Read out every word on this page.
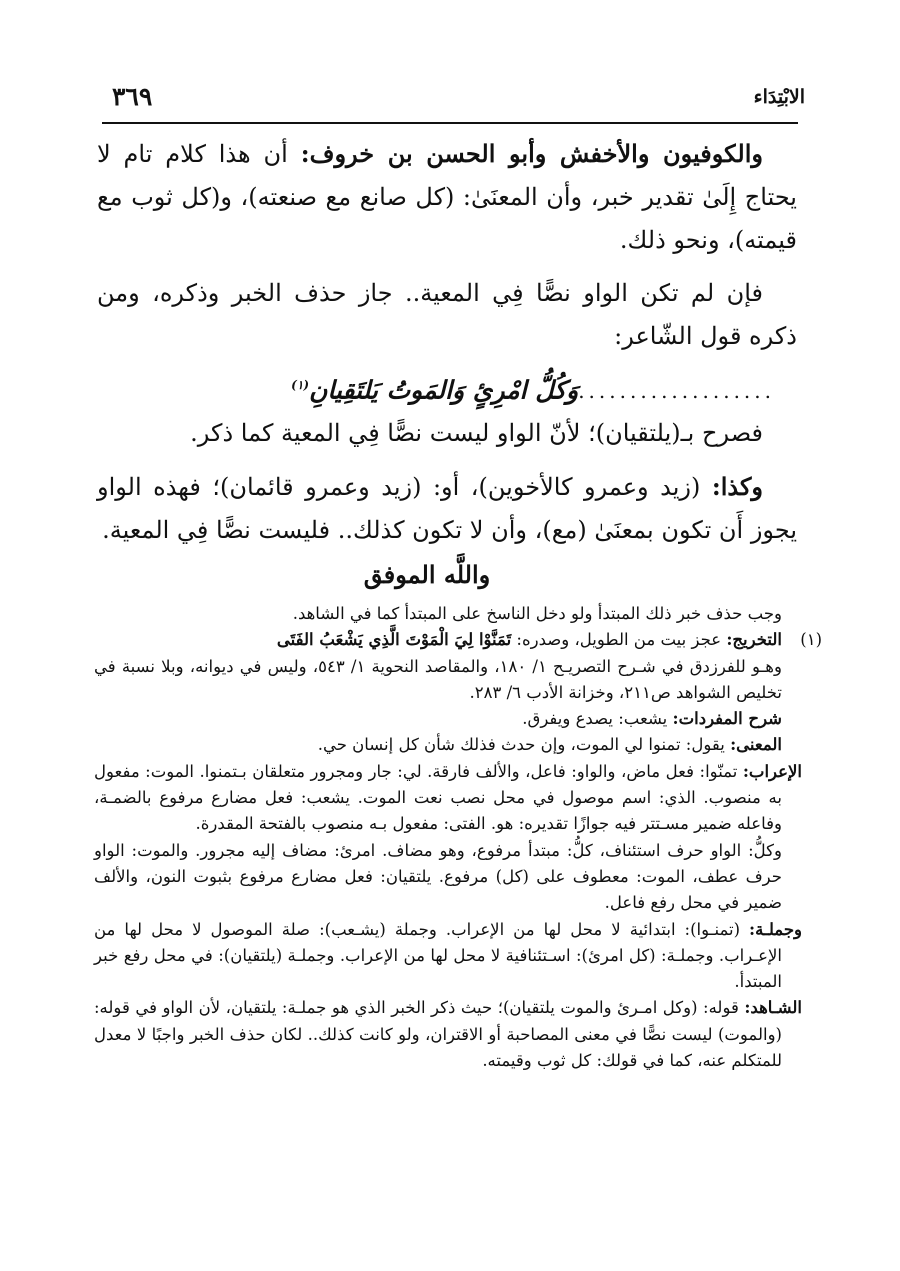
الابْتِدَاء
٣٦٩

والكوفيون والأخفش وأبو الحسن بن خروف: أن هذا كلام تام لا يحتاج إِلَىٰ تقدير خبر، وأن المعنَىٰ: (كل صانع مع صنعته)، و(كل ثوب مع قيمته)، ونحو ذلك.

فإن لم تكن الواو نصًّا فِي المعية.. جاز حذف الخبر وذكره، ومن ذكره قول الشّاعر:

وَكُلُّ امْرِئٍ وَالمَوتُ يَلتَقِيانِ$^{(١)}$	...................

فصرح بـ(يلتقيان)؛ لأنّ الواو ليست نصًّا فِي المعية كما ذكر.

وكذا: (زيد وعمرو كالأخوين)، أو: (زيد وعمرو قائمان)؛ فهذه الواو يجوز أَن تكون بمعنَىٰ (مع)، وأن لا تكون كذلك.. فليست نصًّا فِي المعية.

واللَّه الموفق

وجب حذف خبر ذلك المبتدأ ولو دخل الناسخ على المبتدأ كما في الشاهد.

(١)التخريج: عجز بيت من الطويل، وصدره: تَمَنَّوْا لِيَ الْمَوْتَ الَّذِي يَشْعَبُ الفَتَى

وهـو للفرزدق في شـرح التصريـح ١/ ١٨٠، والمقاصد النحوية ١/ ٥٤٣، وليس في ديوانه، وبلا نسبة في تخليص الشواهد ص٢١١، وخزانة الأدب ٦/ ٢٨٣.

شرح المفردات: يشعب: يصدع ويفرق.

المعنى: يقول: تمنوا لي الموت، وإن حدث فذلك شأن كل إنسان حي.

الإعراب: تمنّوا: فعل ماض، والواو: فاعل، والألف فارقة. لي: جار ومجرور متعلقان بـتمنوا. الموت: مفعول به منصوب. الذي: اسم موصول في محل نصب نعت الموت. يشعب: فعل مضارع مرفوع بالضمـة، وفاعله ضمير مسـتتر فيه جوازًا تقديره: هو. الفتى: مفعول بـه منصوب بالفتحة المقدرة.

وكلُّ: الواو حرف استئناف، كلُّ: مبتدأ مرفوع، وهو مضاف. امرئ: مضاف إليه مجرور. والموت: الواو حرف عطف، الموت: معطوف على (كل) مرفوع. يلتقيان: فعل مضارع مرفوع بثبوت النون، والألف ضمير في محل رفع فاعل.

وجملـة: (تمنـوا): ابتدائية لا محل لها من الإعراب. وجملة (يشـعب): صلة الموصول لا محل لها من الإعـراب. وجملـة: (كل امرئ): اسـتئنافية لا محل لها من الإعراب. وجملـة (يلتقيان): في محل رفع خبر المبتدأ.

الشـاهد: قوله: (وكل امـرئ والموت يلتقيان)؛ حيث ذكر الخبر الذي هو جملـة: يلتقيان، لأن الواو في قوله: (والموت) ليست نصًّا في معنى المصاحبة أو الاقتران، ولو كانت كذلك.. لكان حذف الخبر واجبًا لا معدل للمتكلم عنه، كما في قولك: كل ثوب وقيمته.
